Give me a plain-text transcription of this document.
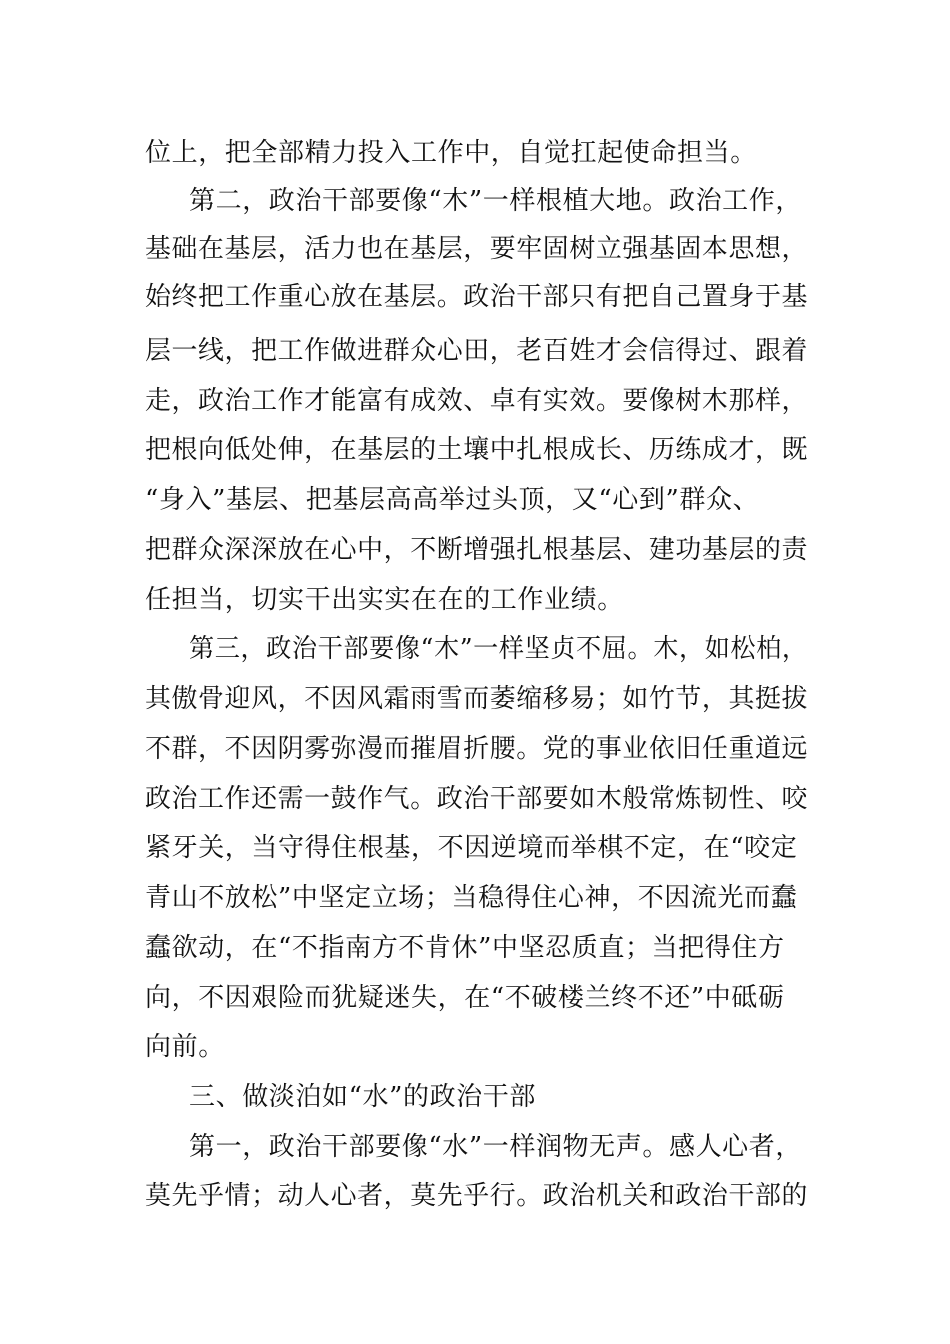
位上，把全部精力投入工作中，自觉扛起使命担当。
第二，政治干部要像“木”一样根植大地。政治工作，
基础在基层，活力也在基层，要牢固树立强基固本思想，
始终把工作重心放在基层。政治干部只有把自己置身于基
层一线，把工作做进群众心田，老百姓才会信得过、跟着
走，政治工作才能富有成效、卓有实效。要像树木那样，
把根向低处伸，在基层的土壤中扎根成长、历练成才，既
“身入”基层、把基层高高举过头顶，又“心到”群众、
把群众深深放在心中，不断增强扎根基层、建功基层的责
任担当，切实干出实实在在的工作业绩。
第三，政治干部要像“木”一样坚贞不屈。木，如松柏，
其傲骨迎风，不因风霜雨雪而萎缩移易；如竹节，其挺拔
不群，不因阴雾弥漫而摧眉折腰。党的事业依旧任重道远
政治工作还需一鼓作气。政治干部要如木般常炼韧性、咬
紧牙关，当守得住根基，不因逆境而举棋不定，在“咬定
青山不放松”中坚定立场；当稳得住心神，不因流光而蠢
蠢欲动，在“不指南方不肯休”中坚忍质直；当把得住方
向，不因艰险而犹疑迷失，在“不破楼兰终不还”中砥砺
向前。
三、做淡泊如“水”的政治干部
第一，政治干部要像“水”一样润物无声。感人心者，
莫先乎情；动人心者，莫先乎行。政治机关和政治干部的
